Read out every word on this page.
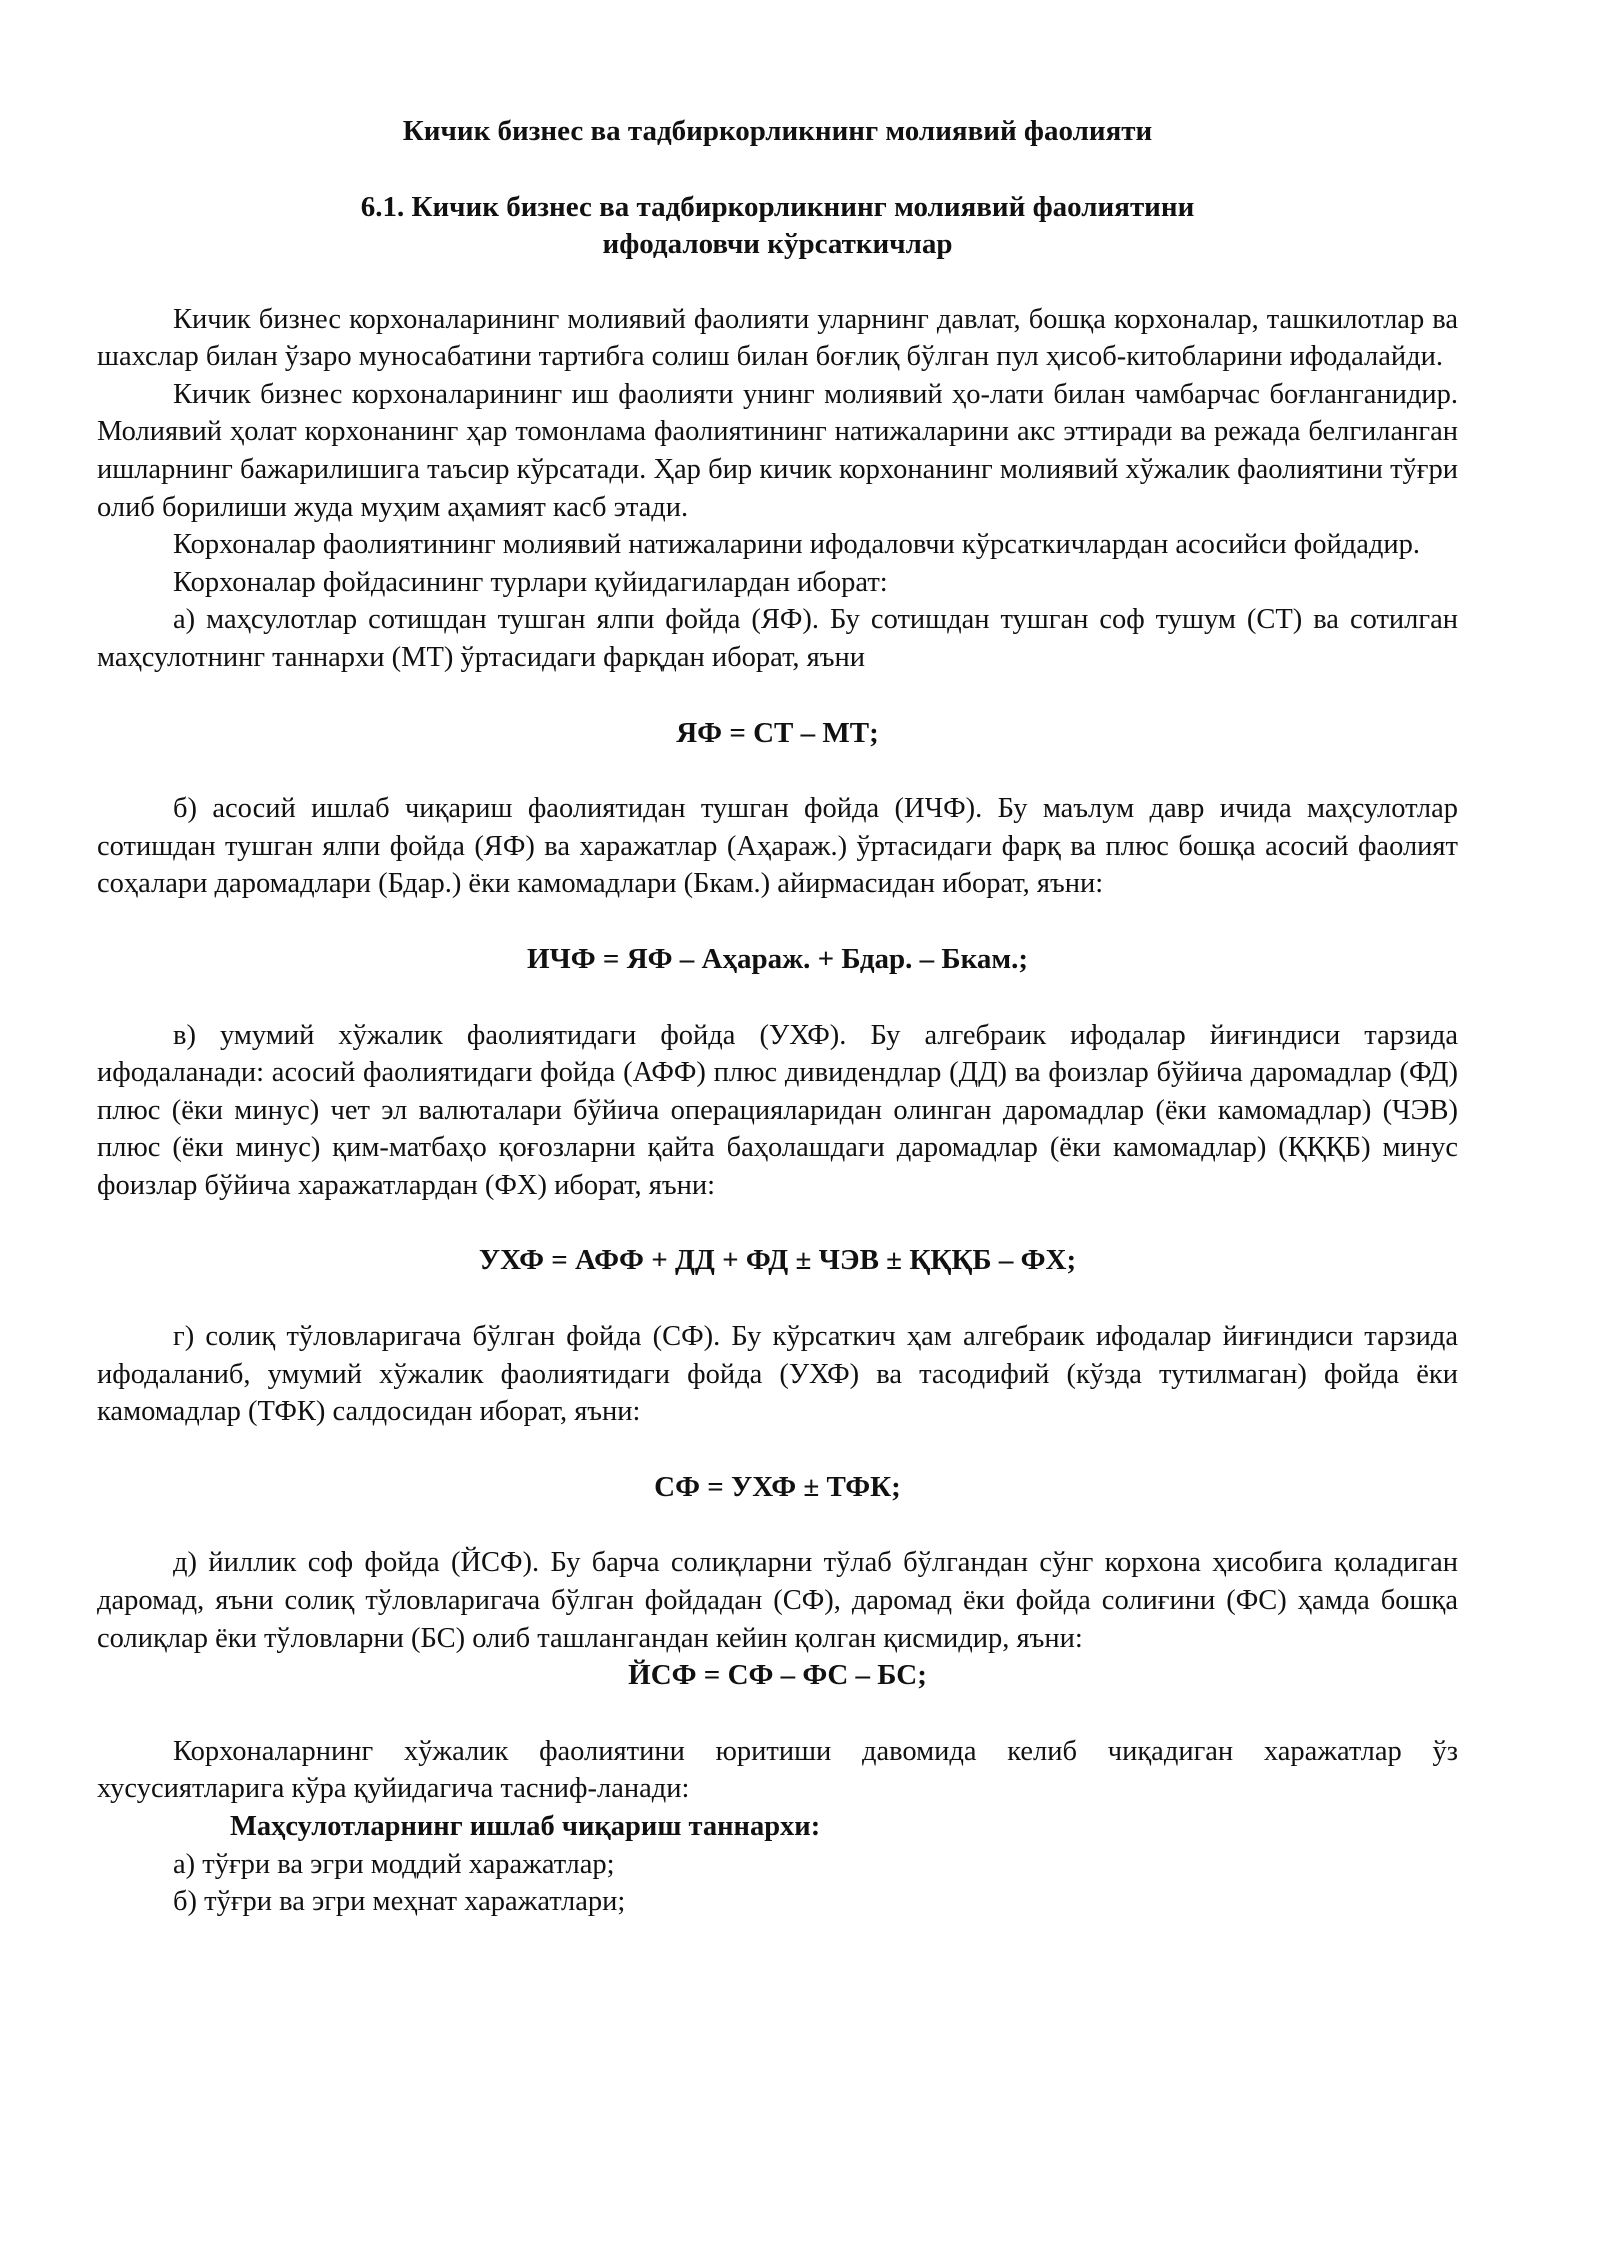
Кичик бизнес ва тадбиркорликнинг молиявий фаолияти

6.1. Кичик бизнес ва тадбиркорликнинг молиявий фаолиятини
ифодаловчи кўрсаткичлар

Кичик бизнес корхоналарининг молиявий фаолияти уларнинг давлат, бошқа корхоналар, ташкилотлар ва шахслар билан ўзаро муносабатини тартибга солиш билан боғлиқ бўлган пул ҳисоб-китобларини ифодалайди.

Кичик бизнес корхоналарининг иш фаолияти унинг молиявий ҳо-лати билан чамбарчас боғланганидир. Молиявий ҳолат корхонанинг ҳар томонлама фаолиятининг натижаларини акс эттиради ва режада белгиланган ишларнинг бажарилишига таъсир кўрсатади. Ҳар бир кичик корхонанинг молиявий хўжалик фаолиятини тўғри олиб борилиши жуда муҳим аҳамият касб этади.

Корхоналар фаолиятининг молиявий натижаларини ифодаловчи кўрсаткичлардан асосийси фойдадир.

Корхоналар фойдасининг турлари қуйидагилардан иборат:

а) маҳсулотлар сотишдан тушган ялпи фойда (ЯФ). Бу сотишдан тушган соф тушум (СТ) ва сотилган маҳсулотнинг таннархи (МТ) ўртасидаги фарқдан иборат, яъни

ЯФ = СТ – МТ;

б) асосий ишлаб чиқариш фаолиятидан тушган фойда (ИЧФ). Бу маълум давр ичида маҳсулотлар сотишдан тушган ялпи фойда (ЯФ) ва харажатлар (Аҳараж.) ўртасидаги фарқ ва плюс бошқа асосий фаолият соҳалари даромадлари (Бдар.) ёки камомадлари (Бкам.) айирмасидан иборат, яъни:

ИЧФ = ЯФ – Аҳараж. + Бдар. – Бкам.;

в) умумий хўжалик фаолиятидаги фойда (УХФ). Бу алгебраик ифодалар йиғиндиси тарзида ифодаланади: асосий фаолиятидаги фойда (АФФ) плюс дивидендлар (ДД) ва фоизлар бўйича даромадлар (ФД) плюс (ёки минус) чет эл валюталари бўйича операцияларидан олинган даромадлар (ёки камомадлар) (ЧЭВ) плюс (ёки минус) қим-матбаҳо қоғозларни қайта баҳолашдаги даромадлар (ёки камомадлар) (ҚҚҚБ) минус фоизлар бўйича харажатлардан (ФХ) иборат, яъни:

УХФ = АФФ + ДД + ФД ± ЧЭВ ± ҚҚҚБ – ФХ;

г) солиқ тўловларигача бўлган фойда (СФ). Бу кўрсаткич ҳам алгебраик ифодалар йиғиндиси тарзида ифодаланиб, умумий хўжалик фаолиятидаги фойда (УХФ) ва тасодифий (кўзда тутилмаган) фойда ёки камомадлар (ТФК) салдосидан иборат, яъни:

СФ = УХФ ± ТФК;

д) йиллик соф фойда (ЙСФ). Бу барча солиқларни тўлаб бўлгандан сўнг корхона ҳисобига қоладиган даромад, яъни солиқ тўловларигача бўлган фойдадан (СФ), даромад ёки фойда солиғини (ФС) ҳамда бошқа солиқлар ёки тўловларни (БС) олиб ташлангандан кейин қолган қисмидир, яъни:

ЙСФ = СФ – ФС – БС;

Корхоналарнинг хўжалик фаолиятини юритиши давомида келиб чиқадиган харажатлар ўз хусусиятларига кўра қуйидагича тасниф-ланади:

Маҳсулотларнинг ишлаб чиқариш таннархи:

а) тўғри ва эгри моддий харажатлар;

б) тўғри ва эгри меҳнат харажатлари;
